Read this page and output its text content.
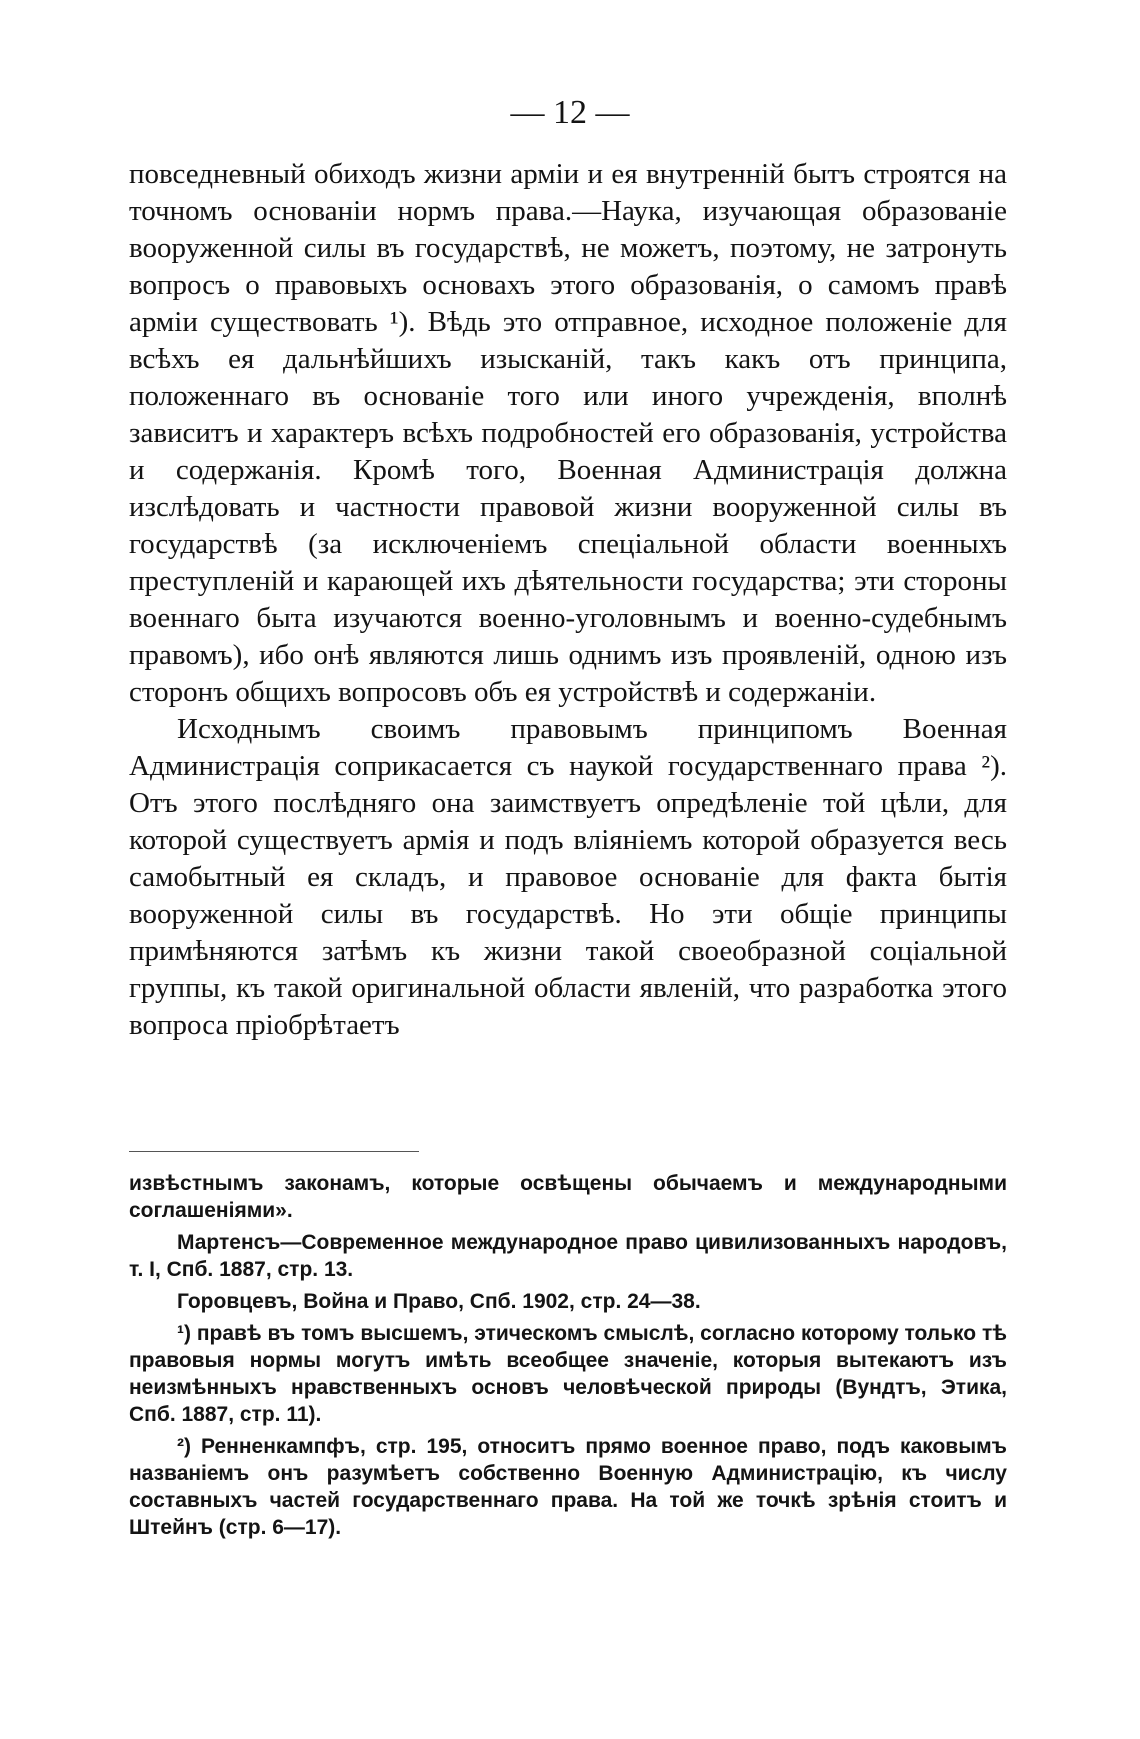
— 12 —

повседневный обиходъ жизни арміи и ея внутренній бытъ строятся на точномъ основаніи нормъ права.—Наука, изучающая образованіе вооруженной силы въ государствѣ, не можетъ, поэтому, не затронуть вопросъ о правовыхъ основахъ этого образованія, о самомъ правѣ арміи существовать ¹). Вѣдь это отправное, исходное положеніе для всѣхъ ея дальнѣйшихъ изысканій, такъ какъ отъ принципа, положеннаго въ основаніе того или иного учрежденія, вполнѣ зависитъ и характеръ всѣхъ подробностей его образованія, устройства и содержанія. Кромѣ того, Военная Администрація должна изслѣдовать и частности правовой жизни вооруженной силы въ государствѣ (за исключеніемъ спеціальной области военныхъ преступленій и карающей ихъ дѣятельности государства; эти стороны военнаго быта изучаются военно-уголовнымъ и военно-судебнымъ правомъ), ибо онѣ являются лишь однимъ изъ проявленій, одною изъ сторонъ общихъ вопросовъ объ ея устройствѣ и содержаніи.

Исходнымъ своимъ правовымъ принципомъ Военная Администрація соприкасается съ наукой государственнаго права ²). Отъ этого послѣдняго она заимствуетъ опредѣленіе той цѣли, для которой существуетъ армія и подъ вліяніемъ которой образуется весь самобытный ея складъ, и правовое основаніе для факта бытія вооруженной силы въ государствѣ. Но эти общіе принципы примѣняются затѣмъ къ жизни такой своеобразной соціальной группы, къ такой оригинальной области явленій, что разработка этого вопроса пріобрѣтаетъ

извѣстнымъ законамъ, которые освѣщены обычаемъ и международными соглашеніями».

Мартенсъ—Современное международное право цивилизованныхъ народовъ, т. I, Спб. 1887, стр. 13.

Горовцевъ, Война и Право, Спб. 1902, стр. 24—38.

¹) правѣ въ томъ высшемъ, этическомъ смыслѣ, согласно которому только тѣ правовыя нормы могутъ имѣть всеобщее значеніе, которыя вытекаютъ изъ неизмѣнныхъ нравственныхъ основъ человѣческой природы (Вундтъ, Этика, Спб. 1887, стр. 11).

²) Ренненкампфъ, стр. 195, относитъ прямо военное право, подъ каковымъ названіемъ онъ разумѣетъ собственно Военную Администрацію, къ числу составныхъ частей государственнаго права. На той же точкѣ зрѣнія стоитъ и Штейнъ (стр. 6—17).
